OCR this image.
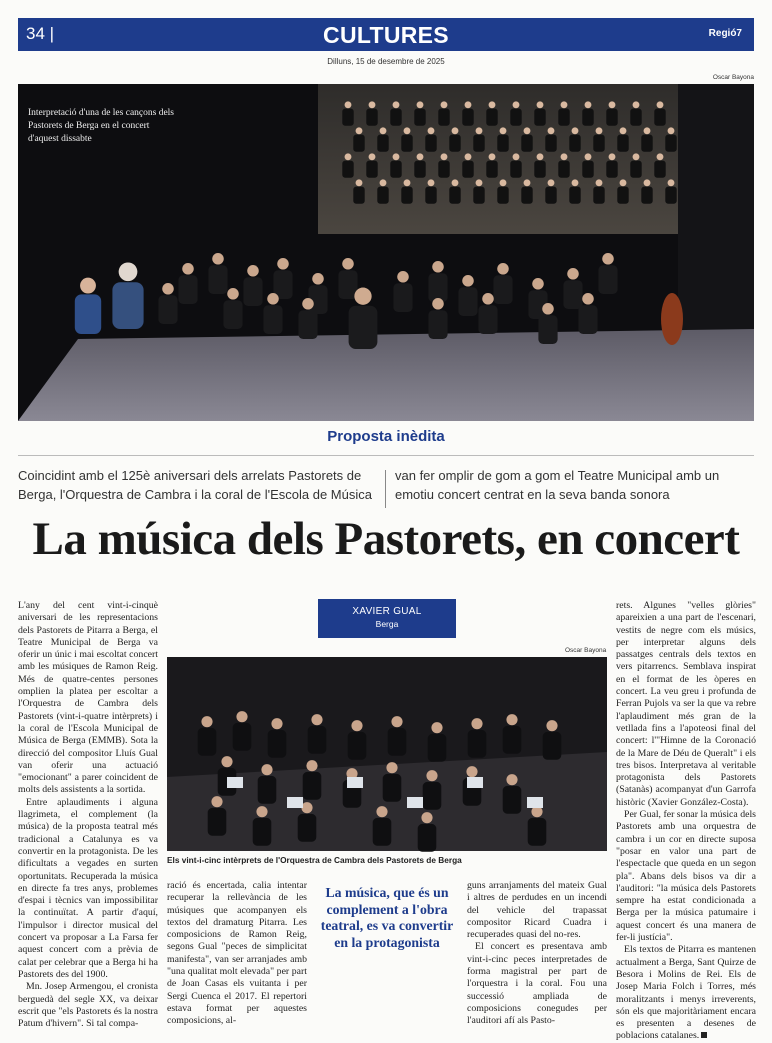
34 |	CULTURES	Regió7
Dilluns, 15 de desembre de 2025
Oscar Bayona
Interpretació d'una de les cançons dels Pastorets de Berga en el concert d'aquest dissabte
Proposta inèdita
Coincidint amb el 125è aniversari dels arrelats Pastorets de Berga, l'Orquestra de Cambra i la coral de l'Escola de Música
van fer omplir de gom a gom el Teatre Municipal amb un emotiu concert centrat en la seva banda sonora
La música dels Pastorets, en concert

L'any del cent vint-i-cinquè aniversari de les representacions dels Pastorets de Pitarra a Berga, el Teatre Municipal de Berga va oferir un únic i mai escoltat concert amb les músiques de Ramon Reig. Més de quatre-centes persones omplien la platea per escoltar a l'Orquestra de Cambra dels Pastorets (vint-i-quatre intèrprets) i la coral de l'Escola Municipal de Música de Berga (EMMB). Sota la direcció del compositor Lluís Gual van oferir una actuació "emocionant" a parer coincident de molts dels assistents a la sortida.

Entre aplaudiments i alguna llagrimeta, el complement (la música) de la proposta teatral més tradicional a Catalunya es va convertir en la protagonista. De les dificultats a vegades en surten oportunitats. Recuperada la música en directe fa tres anys, problemes d'espai i tècnics van impossibilitar la continuïtat. A partir d'aquí, l'impulsor i director musical del concert va proposar a La Farsa fer aquest concert com a prèvia de calat per celebrar que a Berga hi ha Pastorets des del 1900.

Mn. Josep Armengou, el cronista berguedà del segle XX, va deixar escrit que "els Pastorets és la nostra Patum d'hivern". Si tal compa-

XAVIER GUAL
Berga
Oscar Bayona
Els vint-i-cinc intèrprets de l'Orquestra de Cambra dels Pastorets de Berga

ració és encertada, calia intentar recuperar la rellevància de les músiques que acompanyen els textos del dramaturg Pitarra. Les composicions de Ramon Reig, segons Gual "peces de simplicitat manifesta", van ser arranjades amb "una qualitat molt elevada" per part de Joan Casas els vuitanta i per Sergi Cuenca el 2017. El repertori estava format per aquestes composicions, al-

La música, que és un complement a l'obra teatral, es va convertir en la protagonista

guns arranjaments del mateix Gual i altres de perdudes en un incendi del vehicle del trapassat compositor Ricard Cuadra i recuperades quasi del no-res.

El concert es presentava amb vint-i-cinc peces interpretades de forma magistral per part de l'orquestra i la coral. Fou una successió ampliada de composicions conegudes per l'auditori afí als Pasto-

rets. Algunes "velles glòries" apareixien a una part de l'escenari, vestits de negre com els músics, per interpretar alguns dels passatges centrals dels textos en vers pitarrencs. Semblava inspirat en el format de les òperes en concert. La veu greu i profunda de Ferran Pujols va ser la que va rebre l'aplaudiment més gran de la vetllada fins a l'apoteosi final del concert: l'"Himne de la Coronació de la Mare de Déu de Queralt" i els tres bisos. Interpretava al veritable protagonista dels Pastorets (Satanàs) acompanyat d'un Garrofa històric (Xavier González-Costa).

Per Gual, fer sonar la música dels Pastorets amb una orquestra de cambra i un cor en directe suposa "posar en valor una part de l'espectacle que queda en un segon pla". Abans dels bisos va dir a l'auditori: "la música dels Pastorets sempre ha estat condicionada a Berga per la música patumaire i aquest concert és una manera de fer-li justícia".

Els textos de Pitarra es mantenen actualment a Berga, Sant Quirze de Besora i Molins de Rei. Els de Josep Maria Folch i Torres, més moralitzants i menys irreverents, són els que majoritàriament encara es presenten a desenes de poblacions catalanes.
